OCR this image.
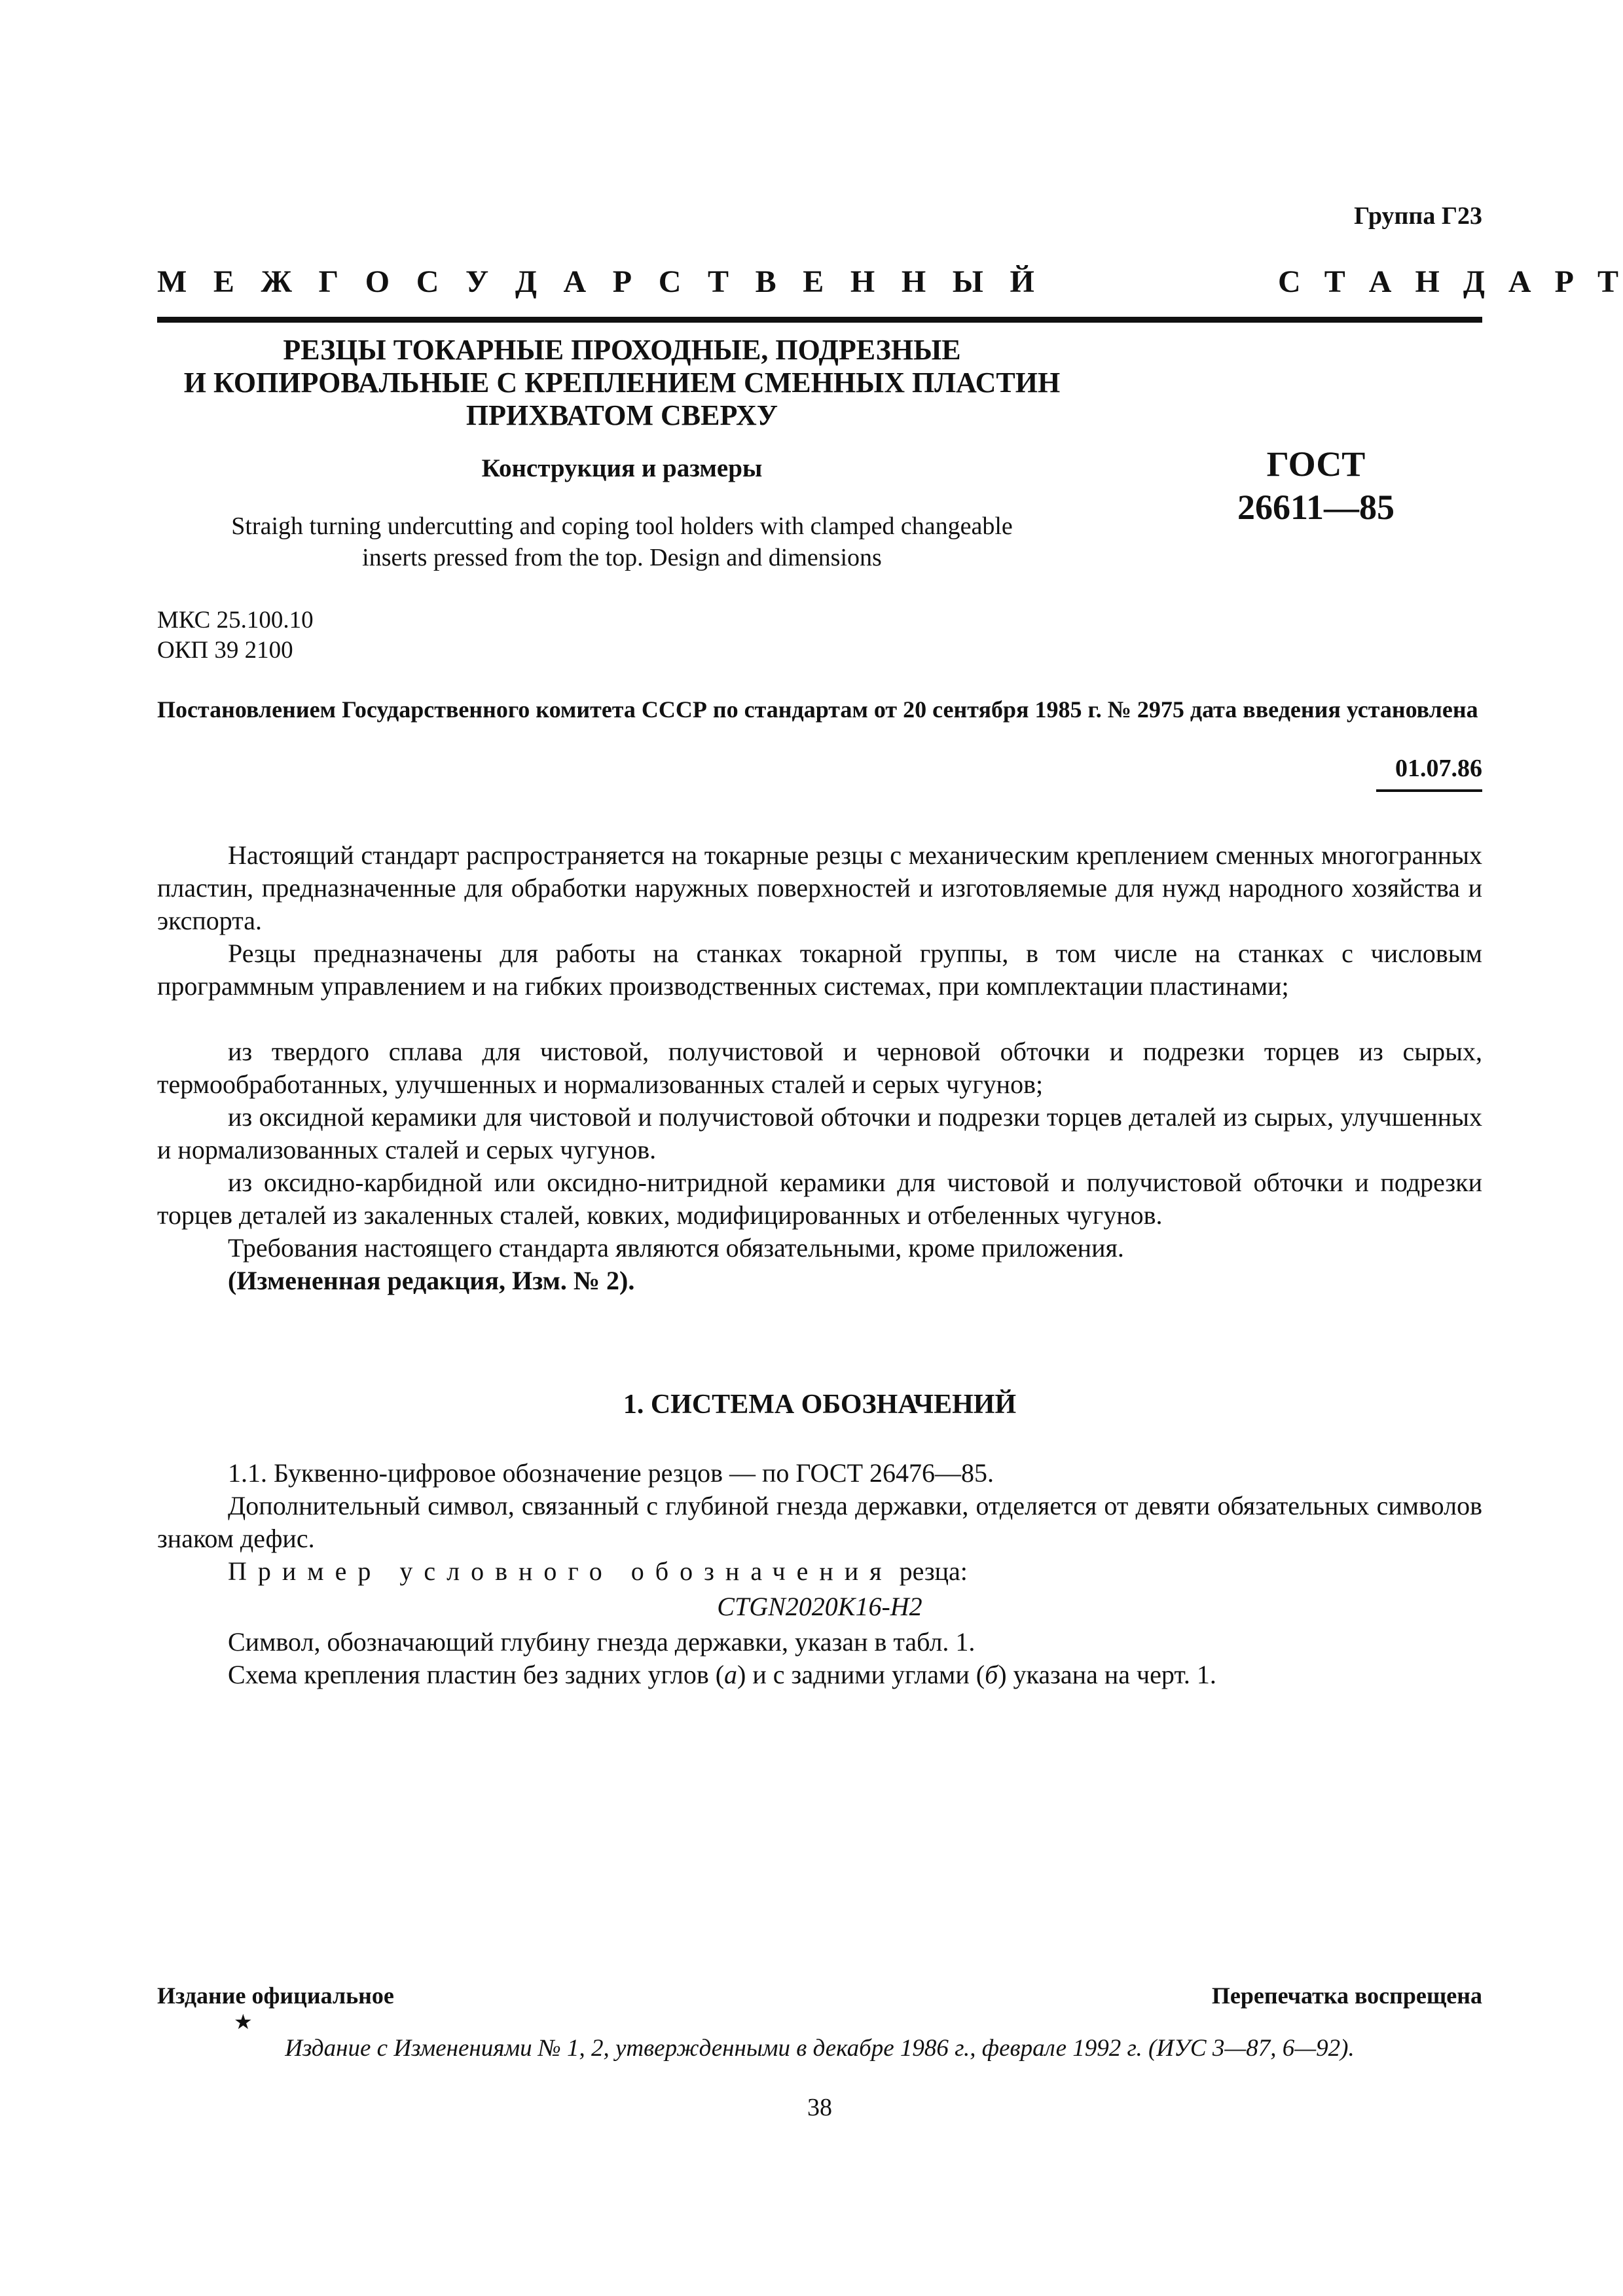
Группа Г23
М Е Ж Г О С У Д А Р С Т В Е Н Н Ы Й	С Т А Н Д А Р Т
РЕЗЦЫ ТОКАРНЫЕ ПРОХОДНЫЕ, ПОДРЕЗНЫЕ
И КОПИРОВАЛЬНЫЕ С КРЕПЛЕНИЕМ СМЕННЫХ ПЛАСТИН
ПРИХВАТОМ СВЕРХУ
Конструкция и размеры
Straigh turning undercutting and coping tool holders with clamped changeable
inserts pressed from the top. Design and dimensions
ГОСТ
26611—85
МКС 25.100.10
ОКП 39 2100
Постановлением Государственного комитета СССР по стандартам от 20 сентября 1985 г. № 2975 дата введения установлена
01.07.86
Настоящий стандарт распространяется на токарные резцы с механическим креплением сменных многогранных пластин, предназначенные для обработки наружных поверхностей и изготовляемые для нужд народного хозяйства и экспорта.
Резцы предназначены для работы на станках токарной группы, в том числе на станках с числовым программным управлением и на гибких производственных системах, при комплектации пластинами;
из твердого сплава для чистовой, получистовой и черновой обточки и подрезки торцев из сырых, термообработанных, улучшенных и нормализованных сталей и серых чугунов;
из оксидной керамики для чистовой и получистовой обточки и подрезки торцев деталей из сырых, улучшенных и нормализованных сталей и серых чугунов.
из оксидно-карбидной или оксидно-нитридной керамики для чистовой и получистовой обточки и подрезки торцев деталей из закаленных сталей, ковких, модифицированных и отбеленных чугунов.
Требования настоящего стандарта являются обязательными, кроме приложения.
(Измененная редакция, Изм. № 2).
1. СИСТЕМА ОБОЗНАЧЕНИЙ
1.1. Буквенно-цифровое обозначение резцов — по ГОСТ 26476—85.
Дополнительный символ, связанный с глубиной гнезда державки, отделяется от девяти обязательных символов знаком дефис.
Пример условного обозначения резца:
CTGN2020K16-H2
Символ, обозначающий глубину гнезда державки, указан в табл. 1.
Схема крепления пластин без задних углов (а) и с задними углами (б) указана на черт. 1.
Издание официальное	Перепечатка воспрещена
★
Издание с Изменениями № 1, 2, утвержденными в декабре 1986 г., феврале 1992 г. (ИУС 3—87, 6—92).
38
